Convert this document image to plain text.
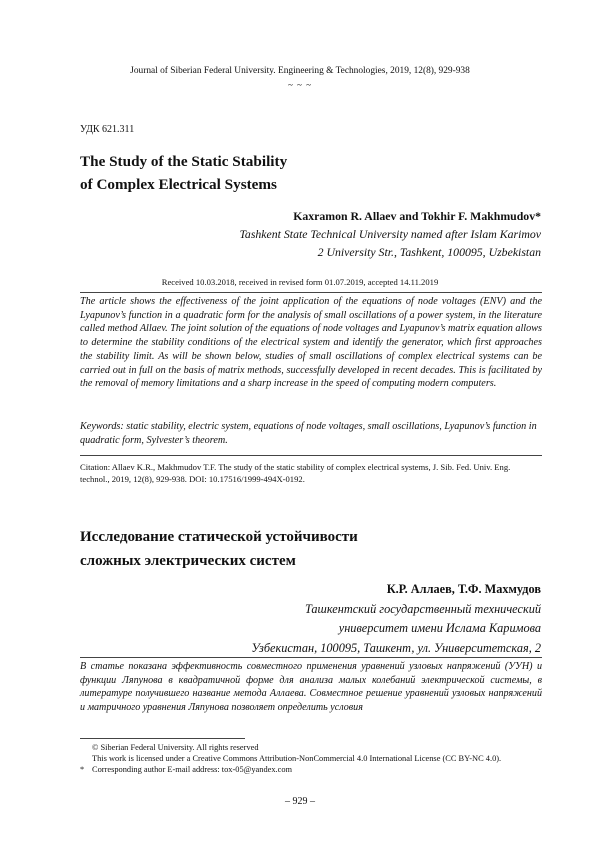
Journal of Siberian Federal University. Engineering & Technologies, 2019, 12(8), 929-938
~ ~ ~
УДК 621.311
The Study of the Static Stability
of Complex Electrical Systems
Kaxramon R. Allaev and Tokhir F. Makhmudov*
Tashkent State Technical University named after Islam Karimov
2 University Str., Tashkent, 100095, Uzbekistan
Received 10.03.2018, received in revised form 01.07.2019, accepted 14.11.2019
The article shows the effectiveness of the joint application of the equations of node voltages (ENV) and the Lyapunov’s function in a quadratic form for the analysis of small oscillations of a power system, in the literature called method Allaev. The joint solution of the equations of node voltages and Lyapunov’s matrix equation allows to determine the stability conditions of the electrical system and identify the generator, which first approaches the stability limit. As will be shown below, studies of small oscillations of complex electrical systems can be carried out in full on the basis of matrix methods, successfully developed in recent decades. This is facilitated by the removal of memory limitations and a sharp increase in the speed of computing modern computers.
Keywords: static stability, electric system, equations of node voltages, small oscillations, Lyapunov’s function in quadratic form, Sylvester’s theorem.
Citation: Allaev K.R., Makhmudov T.F. The study of the static stability of complex electrical systems, J. Sib. Fed. Univ. Eng. technol., 2019, 12(8), 929-938. DOI: 10.17516/1999-494X-0192.
Исследование статической устойчивости
сложных электрических систем
К.Р. Аллаев, Т.Ф. Махмудов
Ташкентский государственный технический
университет имени Ислама Каримова
Узбекистан, 100095, Ташкент, ул. Университетская, 2
В статье показана эффективность совместного применения уравнений узловых напряжений (УУН) и функции Ляпунова в квадратичной форме для анализа малых колебаний электрической системы, в литературе получившего название метода Аллаева. Совместное решение уравнений узловых напряжений и матричного уравнения Ляпунова позволяет определить условия
© Siberian Federal University. All rights reserved
This work is licensed under a Creative Commons Attribution-NonCommercial 4.0 International License (CC BY-NC 4.0).
* Corresponding author E-mail address: tox-05@yandex.com
– 929 –
